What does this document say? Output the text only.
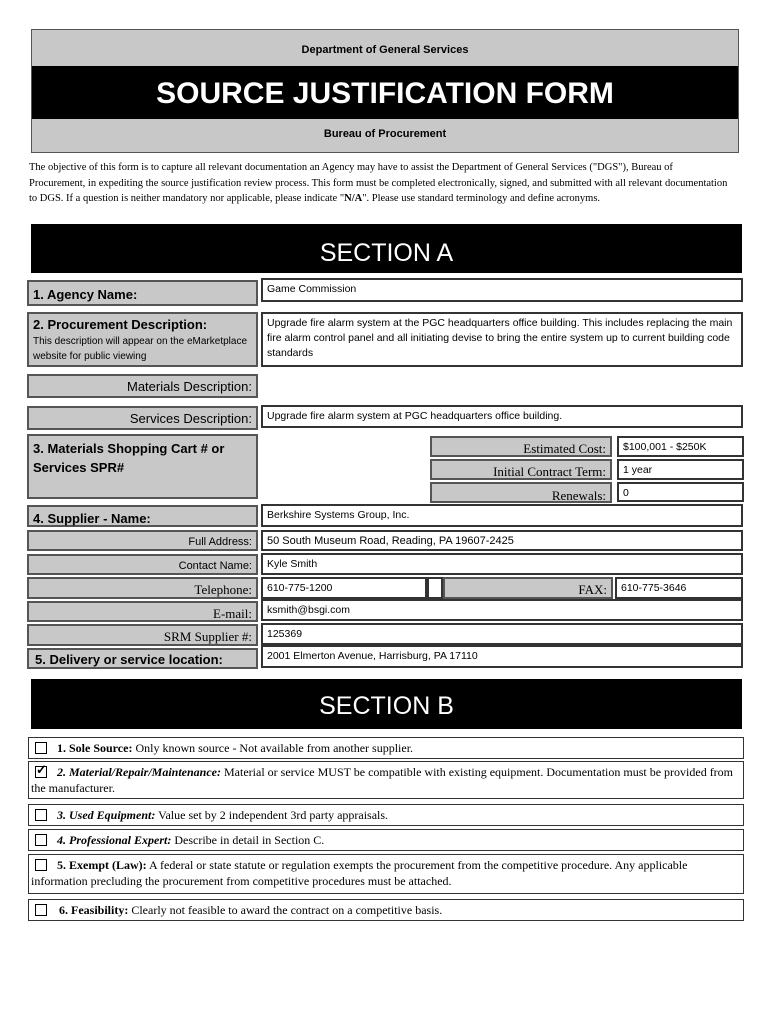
Department of General Services
SOURCE JUSTIFICATION FORM
Bureau of Procurement
The objective of this form is to capture all relevant documentation an Agency may have to assist the Department of General Services ("DGS"), Bureau of Procurement, in expediting the source justification review process. This form must be completed electronically, signed, and submitted with all relevant documentation to DGS. If a question is neither mandatory nor applicable, please indicate "N/A". Please use standard terminology and define acronyms.
SECTION A
1. Agency Name:	Game Commission
2. Procurement Description:
This description will appear on the eMarketplace website for public viewing
Upgrade fire alarm system at the PGC headquarters office building. This includes replacing the main fire alarm control panel and all initiating devise to bring the entire system up to current building code standards
Materials Description:
Services Description:	Upgrade fire alarm system at PGC headquarters office building.
3. Materials Shopping Cart # or Services SPR#
Estimated Cost:	$100,001 - $250K
Initial Contract Term:	1 year
Renewals:	0
4. Supplier - Name:	Berkshire Systems Group, Inc.
Full Address:	50 South Museum Road, Reading, PA 19607-2425
Contact Name:	Kyle Smith
Telephone:	610-775-1200	FAX:	610-775-3646
E-mail:	ksmith@bsgi.com
SRM Supplier #:	125369
5. Delivery or service location:	2001 Elmerton Avenue, Harrisburg, PA 17110
SECTION B
1. Sole Source: Only known source - Not available from another supplier.
✓2. Material/Repair/Maintenance: Material or service MUST be compatible with existing equipment. Documentation must be provided from the manufacturer.
3. Used Equipment: Value set by 2 independent 3rd party appraisals.
4. Professional Expert: Describe in detail in Section C.
5. Exempt (Law): A federal or state statute or regulation exempts the procurement from the competitive procedure. Any applicable information precluding the procurement from competitive procedures must be attached.
6. Feasibility: Clearly not feasible to award the contract on a competitive basis.
